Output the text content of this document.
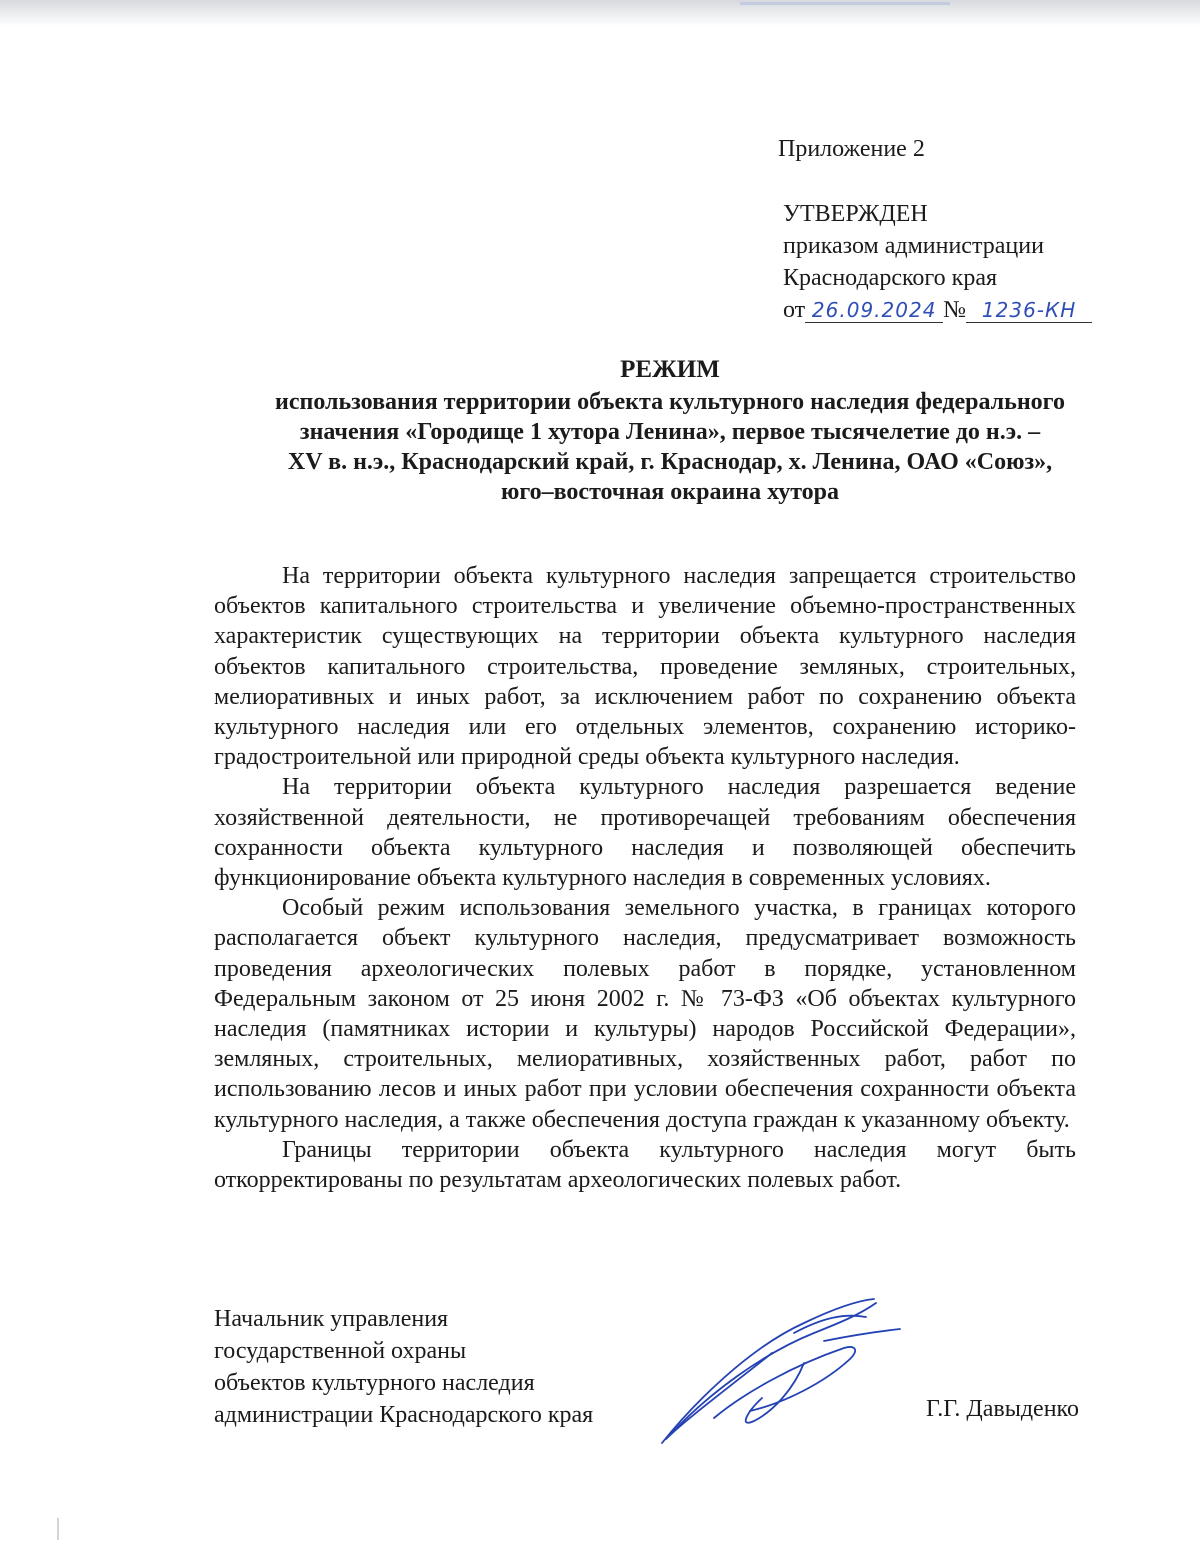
Приложение 2
УТВЕРЖДЕН
приказом администрации
Краснодарского края
от 26.09.2024 № 1236-КН
РЕЖИМ
использования территории объекта культурного наследия федерального
значения «Городище 1 хутора Ленина», первое тысячелетие до н.э. –
XV в. н.э., Краснодарский край, г. Краснодар, х. Ленина, ОАО «Союз»,
юго–восточная окраина хутора

На территории объекта культурного наследия запрещается строительство объектов капитального строительства и увеличение объемно-пространственных характеристик существующих на территории объекта культурного наследия объектов капитального строительства, проведение земляных, строительных, мелиоративных и иных работ, за исключением работ по сохранению объекта культурного наследия или его отдельных элементов, сохранению историко-градостроительной или природной среды объекта культурного наследия.

На территории объекта культурного наследия разрешается ведение хозяйственной деятельности, не противоречащей требованиям обеспечения сохранности объекта культурного наследия и позволяющей обеспечить функционирование объекта культурного наследия в современных условиях.

Особый режим использования земельного участка, в границах которого располагается объект культурного наследия, предусматривает возможность проведения археологических полевых работ в порядке, установленном Федеральным законом от 25 июня 2002 г. № 73-ФЗ «Об объектах культурного наследия (памятниках истории и культуры) народов Российской Федерации», земляных, строительных, мелиоративных, хозяйственных работ, работ по использованию лесов и иных работ при условии обеспечения сохранности объекта культурного наследия, а также обеспечения доступа граждан к указанному объекту.

Границы территории объекта культурного наследия могут быть откорректированы по результатам археологических полевых работ.

Начальник управления
государственной охраны
объектов культурного наследия
администрации Краснодарского края	Г.Г. Давыденко
